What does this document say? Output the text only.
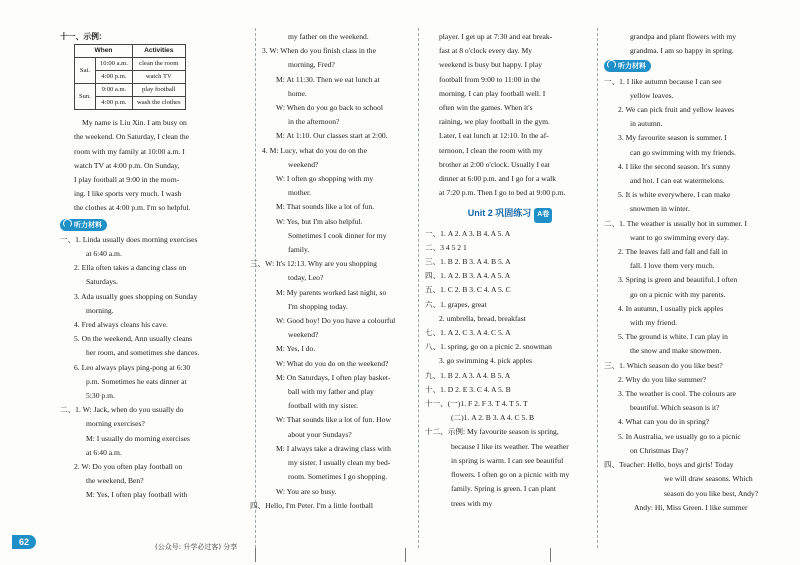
十一、示例:
When		Activities
Sat.	10:00 a.m.	clean the room
	4:00 p.m.	watch TV
Sun.	9:00 a.m.	play football
	4:00 p.m.	wash the clothes
My name is Liu Xin. I am busy on
the weekend. On Saturday, I clean the
room with my family at 10:00 a.m. I
watch TV at 4:00 p.m. On Sunday,
I play football at 9:00 in the morn-
ing. I like sports very much. I wash
the clothes at 4:00 p.m. I'm so helpful.
听力材料
一、1. Linda usually does morning exercises
at 6:40 a.m.
2. Ella often takes a dancing class on
Saturdays.
3. Ada usually goes shopping on Sunday
morning.
4. Fred always cleans his cave.
5. On the weekend, Ann usually cleans
her room, and sometimes she dances.
6. Leo always plays ping-pong at 6:30
p.m. Sometimes he eats dinner at
5:30 p.m.
二、1. W: Jack, when do you usually do
morning exercises?
M: I usually do morning exercises
at 6:40 a.m.
2. W: Do you often play football on
the weekend, Ben?
M: Yes, I often play football with
my father on the weekend.
3. W: When do you finish class in the
morning, Fred?
M: At 11:30. Then we eat lunch at
home.
W: When do you go back to school
in the afternoon?
M: At 1:10. Our classes start at 2:00.
4. M: Lucy, what do you do on the
weekend?
W: I often go shopping with my
mother.
M: That sounds like a lot of fun.
W: Yes, but I'm also helpful.
Sometimes I cook dinner for my
family.
三、W: It's 12:13. Why are you shopping
today, Leo?
M: My parents worked last night, so
I'm shopping today.
W: Good boy! Do you have a colourful
weekend?
M: Yes, I do.
W: What do you do on the weekend?
M: On Saturdays, I often play basket-
ball with my father and play
football with my sister.
W: That sounds like a lot of fun. How
about your Sundays?
M: I always take a drawing class with
my sister. I usually clean my bed-
room. Sometimes I go shopping.
W: You are so busy.
四、Hello, I'm Peter. I'm a little football
player. I get up at 7:30 and eat break-
fast at 8 o'clock every day. My
weekend is busy but happy. I play
football from 9:00 to 11:00 in the
morning. I can play football well. I
often win the games. When it's
raining, we play football in the gym.
Later, I eat lunch at 12:10. In the af-
ternoon, I clean the room with my
brother at 2:00 o'clock. Usually I eat
dinner at 6:00 p.m. and I go for a walk
at 7:20 p.m. Then I go to bed at 9:00 p.m.
Unit 2 巩固练习 A卷
一、1. A 2. A 3. B 4. A 5. A
二、3 4 5 2 1
三、1. B 2. B 3. A 4. B 5. A
四、1. A 2. B 3. A 4. A 5. A
五、1. C 2. B 3. C 4. A 5. C
六、1. grapes, great
2. umbrella, bread, breakfast
七、1. A 2. C 3. A 4. C 5. A
八、1. spring, go on a picnic 2. snowman
3. go swimming 4. pick apples
九、1. B 2. A 3. A 4. B 5. A
十、1. D 2. E 3. C 4. A 5. B
十一、(一)1. F 2. F 3. T 4. T 5. T
(二)1. A 2. B 3. A 4. C 5. B
十二、示例: My favourite season is spring,
because I like its weather. The weather
in spring is warm. I can see beautiful
flowers. I often go on a picnic with my
family. Spring is green. I can plant
trees with my
grandpa and plant flowers with my
grandma. I am so happy in spring.
听力材料
一、1. I like autumn because I can see
yellow leaves.
2. We can pick fruit and yellow leaves
in autumn.
3. My favourite season is summer. I
can go swimming with my friends.
4. I like the second season. It's sunny
and hot. I can eat watermelons.
5. It is white everywhere. I can make
snowmen in winter.
二、1. The weather is usually hot in summer. I
want to go swimming every day.
2. The leaves fall and fall and fall in
fall. I love them very much.
3. Spring is green and beautiful. I often
go on a picnic with my parents.
4. In autumn, I usually pick apples
with my friend.
5. The ground is white. I can play in
the snow and make snowmen.
三、1. Which season do you like best?
2. Why do you like summer?
3. The weather is cool. The colours are
beautiful. Which season is it?
4. What can you do in spring?
5. In Australia, we usually go to a picnic
on Christmas Day?
四、Teacher: Hello, boys and girls! Today
we will draw seasons. Which
season do you like best, Andy?
Andy: Hi, Miss Green. I like summer
62	(公众号: 升学必过客) 分享
